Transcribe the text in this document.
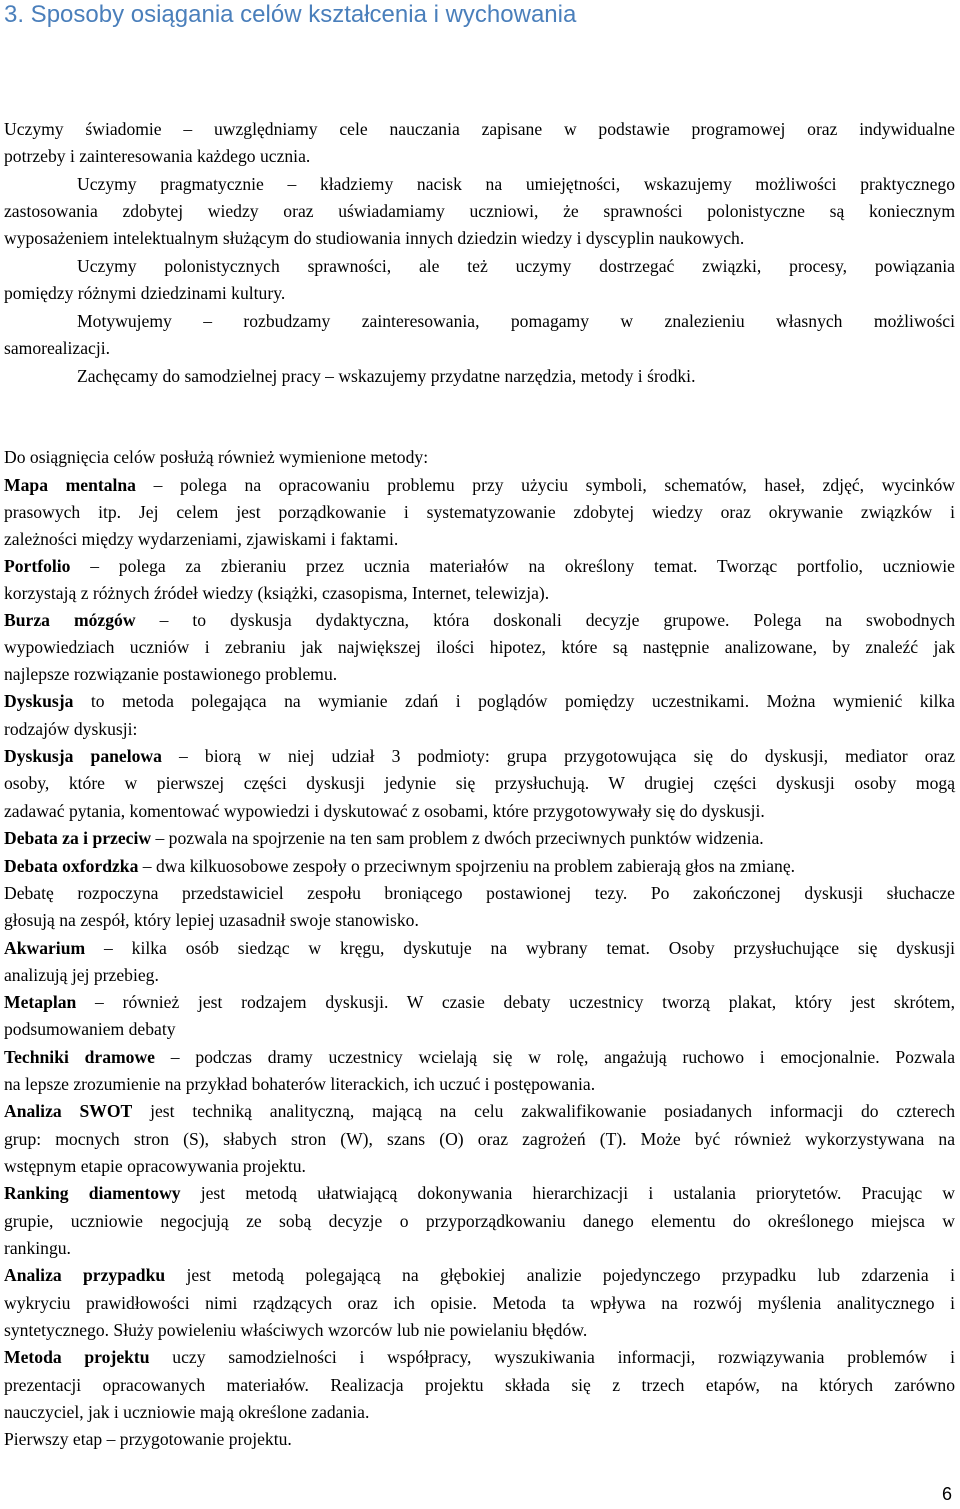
3. Sposoby osiągania celów kształcenia i wychowania

Uczymy świadomie – uwzględniamy cele nauczania zapisane w podstawie programowej oraz indywidualne

potrzeby i zainteresowania każdego ucznia.

Uczymy pragmatycznie – kładziemy nacisk na umiejętności, wskazujemy możliwości praktycznego

zastosowania zdobytej wiedzy oraz uświadamiamy uczniowi, że sprawności polonistyczne są koniecznym

wyposażeniem intelektualnym służącym do studiowania innych dziedzin wiedzy i dyscyplin naukowych.

Uczymy polonistycznych sprawności, ale też uczymy dostrzegać związki, procesy, powiązania

pomiędzy różnymi dziedzinami kultury.

Motywujemy – rozbudzamy zainteresowania, pomagamy w znalezieniu własnych możliwości

samorealizacji.

Zachęcamy do samodzielnej pracy – wskazujemy przydatne narzędzia, metody i środki.

Do osiągnięcia celów posłużą również wymienione metody:

Mapa mentalna – polega na opracowaniu problemu przy użyciu symboli, schematów, haseł, zdjęć, wycinków

prasowych itp. Jej celem jest porządkowanie i systematyzowanie zdobytej wiedzy oraz okrywanie związków i

zależności między wydarzeniami, zjawiskami i faktami.

Portfolio – polega za zbieraniu przez ucznia materiałów na określony temat. Tworząc portfolio, uczniowie

korzystają z różnych źródeł wiedzy (książki, czasopisma, Internet, telewizja).

Burza mózgów – to dyskusja dydaktyczna, która doskonali decyzje grupowe. Polega na swobodnych

wypowiedziach uczniów i zebraniu jak największej ilości hipotez, które są następnie analizowane, by znaleźć jak

najlepsze rozwiązanie postawionego problemu.

Dyskusja to metoda polegająca na wymianie zdań i poglądów pomiędzy uczestnikami. Można wymienić kilka

rodzajów dyskusji:

Dyskusja panelowa – biorą w niej udział 3 podmioty: grupa przygotowująca się do dyskusji, mediator oraz

osoby, które w pierwszej części dyskusji jedynie się przysłuchują. W drugiej części dyskusji osoby mogą

zadawać pytania, komentować wypowiedzi i dyskutować z osobami, które przygotowywały się do dyskusji.

Debata za i przeciw – pozwala na spojrzenie na ten sam problem z dwóch przeciwnych punktów widzenia.

Debata oxfordzka – dwa kilkuosobowe zespoły o przeciwnym spojrzeniu na problem zabierają głos na zmianę.

Debatę rozpoczyna przedstawiciel zespołu broniącego postawionej tezy. Po zakończonej dyskusji słuchacze

głosują na zespół, który lepiej uzasadnił swoje stanowisko.

Akwarium – kilka osób siedząc w kręgu, dyskutuje na wybrany temat. Osoby przysłuchujące się dyskusji

analizują jej przebieg.

Metaplan – również jest rodzajem dyskusji. W czasie debaty uczestnicy tworzą plakat, który jest skrótem,

podsumowaniem debaty

Techniki dramowe – podczas dramy uczestnicy wcielają się w rolę, angażują ruchowo i emocjonalnie. Pozwala

na lepsze zrozumienie na przykład bohaterów literackich, ich uczuć i postępowania.

Analiza SWOT jest techniką analityczną, mającą na celu zakwalifikowanie posiadanych informacji do czterech

grup: mocnych stron (S), słabych stron (W), szans (O) oraz zagrożeń (T). Może być również wykorzystywana na

wstępnym etapie opracowywania projektu.

Ranking diamentowy jest metodą ułatwiającą dokonywania hierarchizacji i ustalania priorytetów. Pracując w

grupie, uczniowie negocjują ze sobą decyzje o przyporządkowaniu danego elementu do określonego miejsca w

rankingu.

Analiza przypadku jest metodą polegającą na głębokiej analizie pojedynczego przypadku lub zdarzenia i

wykryciu prawidłowości nimi rządzących oraz ich opisie. Metoda ta wpływa na rozwój myślenia analitycznego i

syntetycznego. Służy powieleniu właściwych wzorców lub nie powielaniu błędów.

Metoda projektu uczy samodzielności i współpracy, wyszukiwania informacji, rozwiązywania problemów i

prezentacji opracowanych materiałów. Realizacja projektu składa się z trzech etapów, na których zarówno

nauczyciel, jak i uczniowie mają określone zadania.

Pierwszy etap – przygotowanie projektu.

6
